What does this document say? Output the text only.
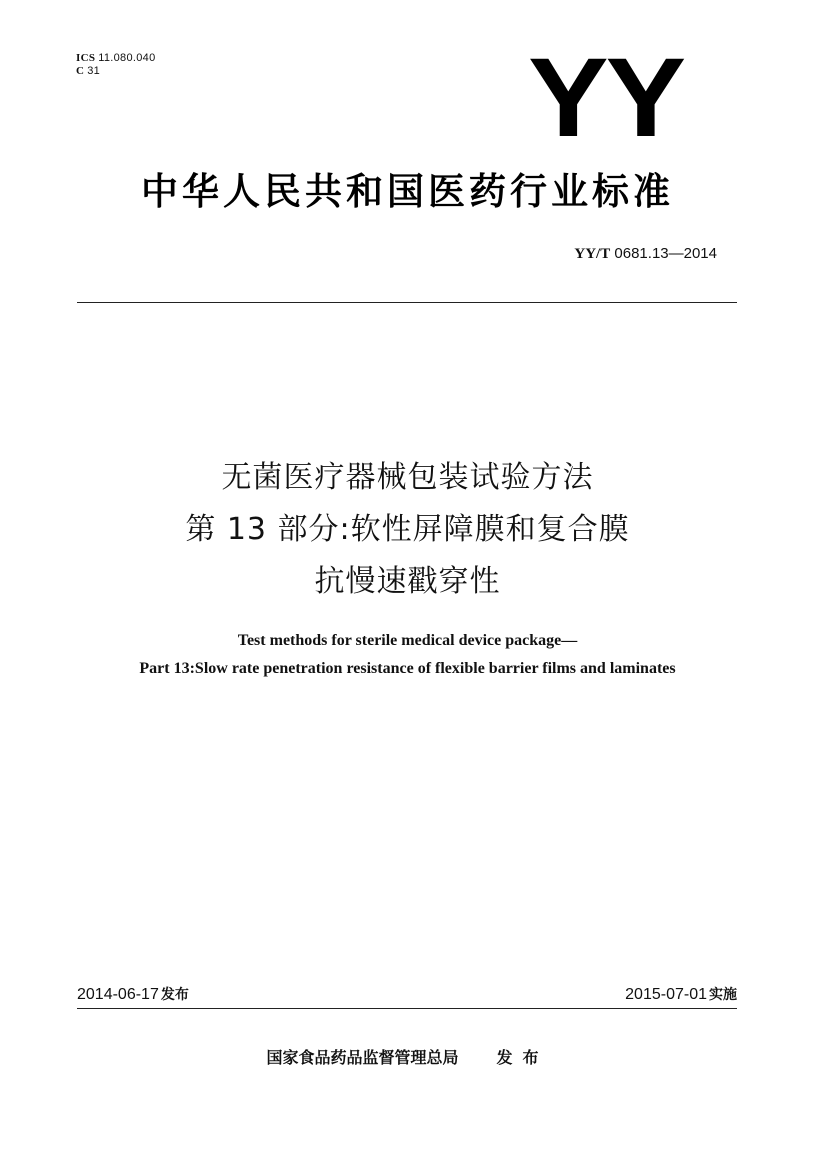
ICS 11.080.040
C 31	YY
中华人民共和国医药行业标准
YY/T 0681.13—2014
无菌医疗器械包装试验方法
第 13 部分:软性屏障膜和复合膜
抗慢速戳穿性
Test methods for sterile medical device package—
Part 13:Slow rate penetration resistance of flexible barrier films and laminates
2014-06-17 发布	2015-07-01 实施
国家食品药品监督管理总局 发布
